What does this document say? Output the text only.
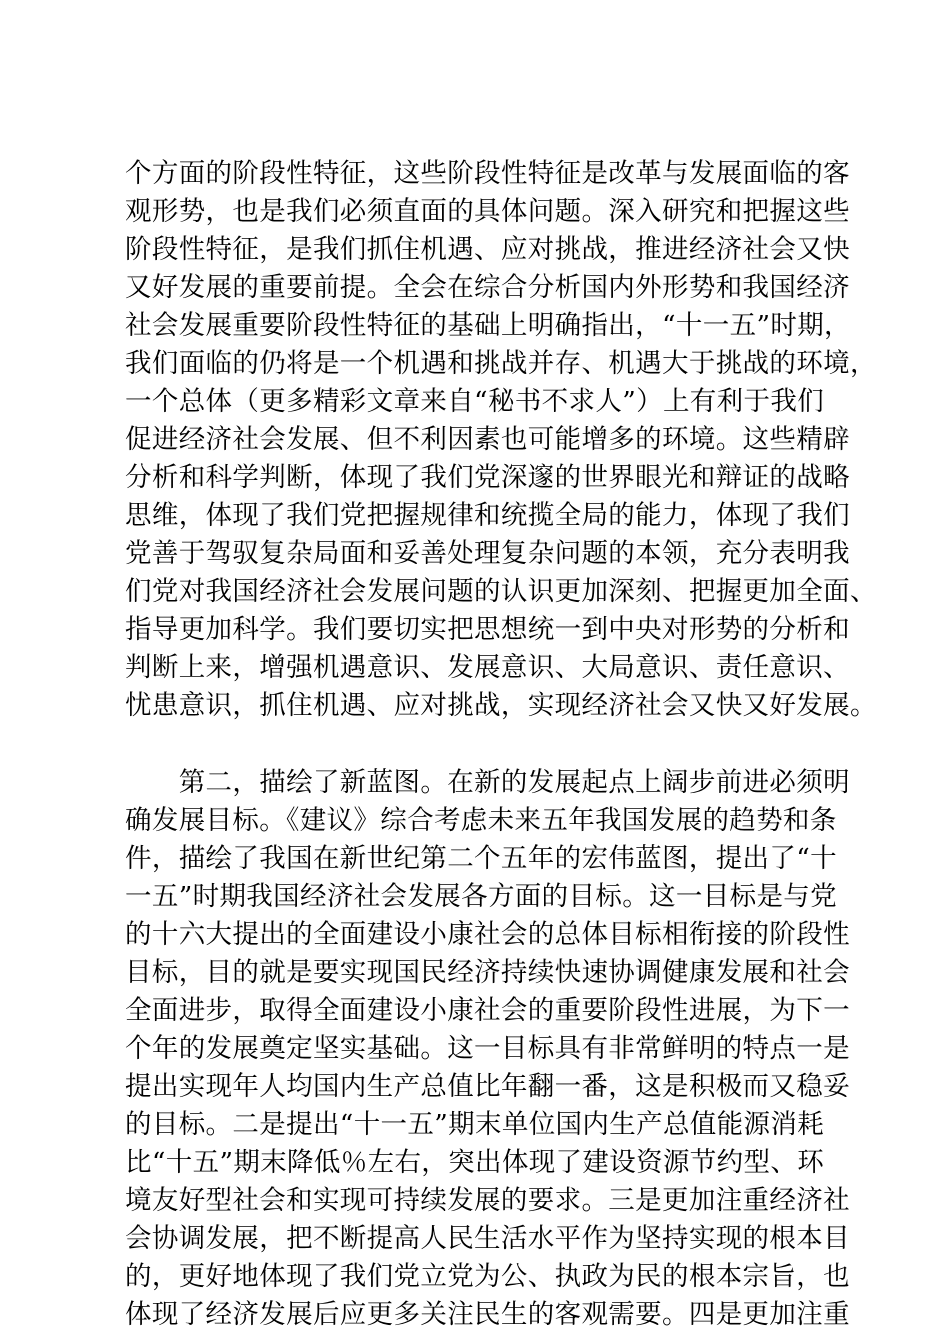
个方面的阶段性特征，这些阶段性特征是改革与发展面临的客

观形势，也是我们必须直面的具体问题。深入研究和把握这些

阶段性特征，是我们抓住机遇、应对挑战，推进经济社会又快

又好发展的重要前提。全会在综合分析国内外形势和我国经济

社会发展重要阶段性特征的基础上明确指出，“十一五”时期，

我们面临的仍将是一个机遇和挑战并存、机遇大于挑战的环境，

一个总体（更多精彩文章来自“秘书不求人”）上有利于我们

促进经济社会发展、但不利因素也可能增多的环境。这些精辟

分析和科学判断，体现了我们党深邃的世界眼光和辩证的战略

思维，体现了我们党把握规律和统揽全局的能力，体现了我们

党善于驾驭复杂局面和妥善处理复杂问题的本领，充分表明我

们党对我国经济社会发展问题的认识更加深刻、把握更加全面、

指导更加科学。我们要切实把思想统一到中央对形势的分析和

判断上来，增强机遇意识、发展意识、大局意识、责任意识、

忧患意识，抓住机遇、应对挑战，实现经济社会又快又好发展。

　　第二，描绘了新蓝图。在新的发展起点上阔步前进必须明

确发展目标。《建议》综合考虑未来五年我国发展的趋势和条

件，描绘了我国在新世纪第二个五年的宏伟蓝图，提出了“十

一五”时期我国经济社会发展各方面的目标。这一目标是与党

的十六大提出的全面建设小康社会的总体目标相衔接的阶段性

目标，目的就是要实现国民经济持续快速协调健康发展和社会

全面进步，取得全面建设小康社会的重要阶段性进展，为下一

个年的发展奠定坚实基础。这一目标具有非常鲜明的特点一是

提出实现年人均国内生产总值比年翻一番，这是积极而又稳妥

的目标。二是提出“十一五”期末单位国内生产总值能源消耗

比“十五”期末降低％左右，突出体现了建设资源节约型、环

境友好型社会和实现可持续发展的要求。三是更加注重经济社

会协调发展，把不断提高人民生活水平作为坚持实现的根本目

的，更好地体现了我们党立党为公、执政为民的根本宗旨，也

体现了经济发展后应更多关注民生的客观需要。四是更加注重
